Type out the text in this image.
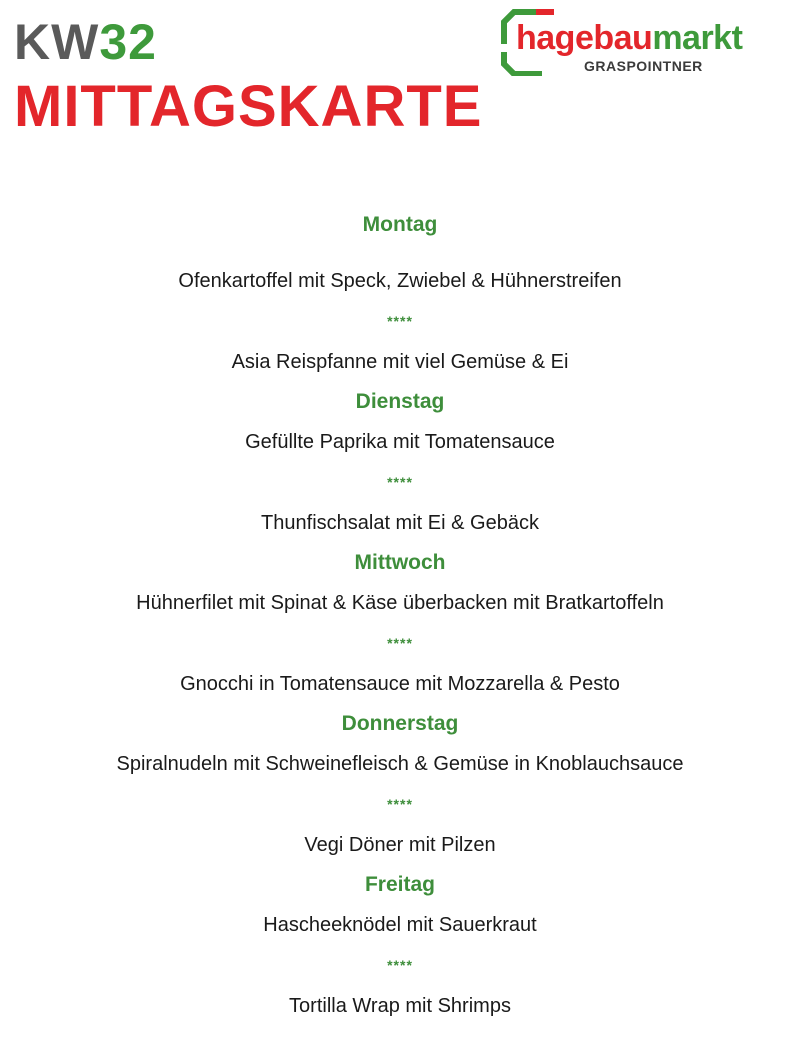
KW32
MITTAGSKARTE
hagebaumarkt
GRASPOINTNER
Montag
Ofenkartoffel mit Speck, Zwiebel & Hühnerstreifen
****
Asia Reispfanne mit viel Gemüse & Ei
Dienstag
Gefüllte Paprika mit Tomatensauce
****
Thunfischsalat mit Ei & Gebäck
Mittwoch
Hühnerfilet mit Spinat & Käse überbacken mit Bratkartoffeln
****
Gnocchi in Tomatensauce mit Mozzarella & Pesto
Donnerstag
Spiralnudeln mit Schweinefleisch & Gemüse in Knoblauchsauce
****
Vegi Döner mit Pilzen
Freitag
Hascheeknödel mit Sauerkraut
****
Tortilla Wrap mit Shrimps
